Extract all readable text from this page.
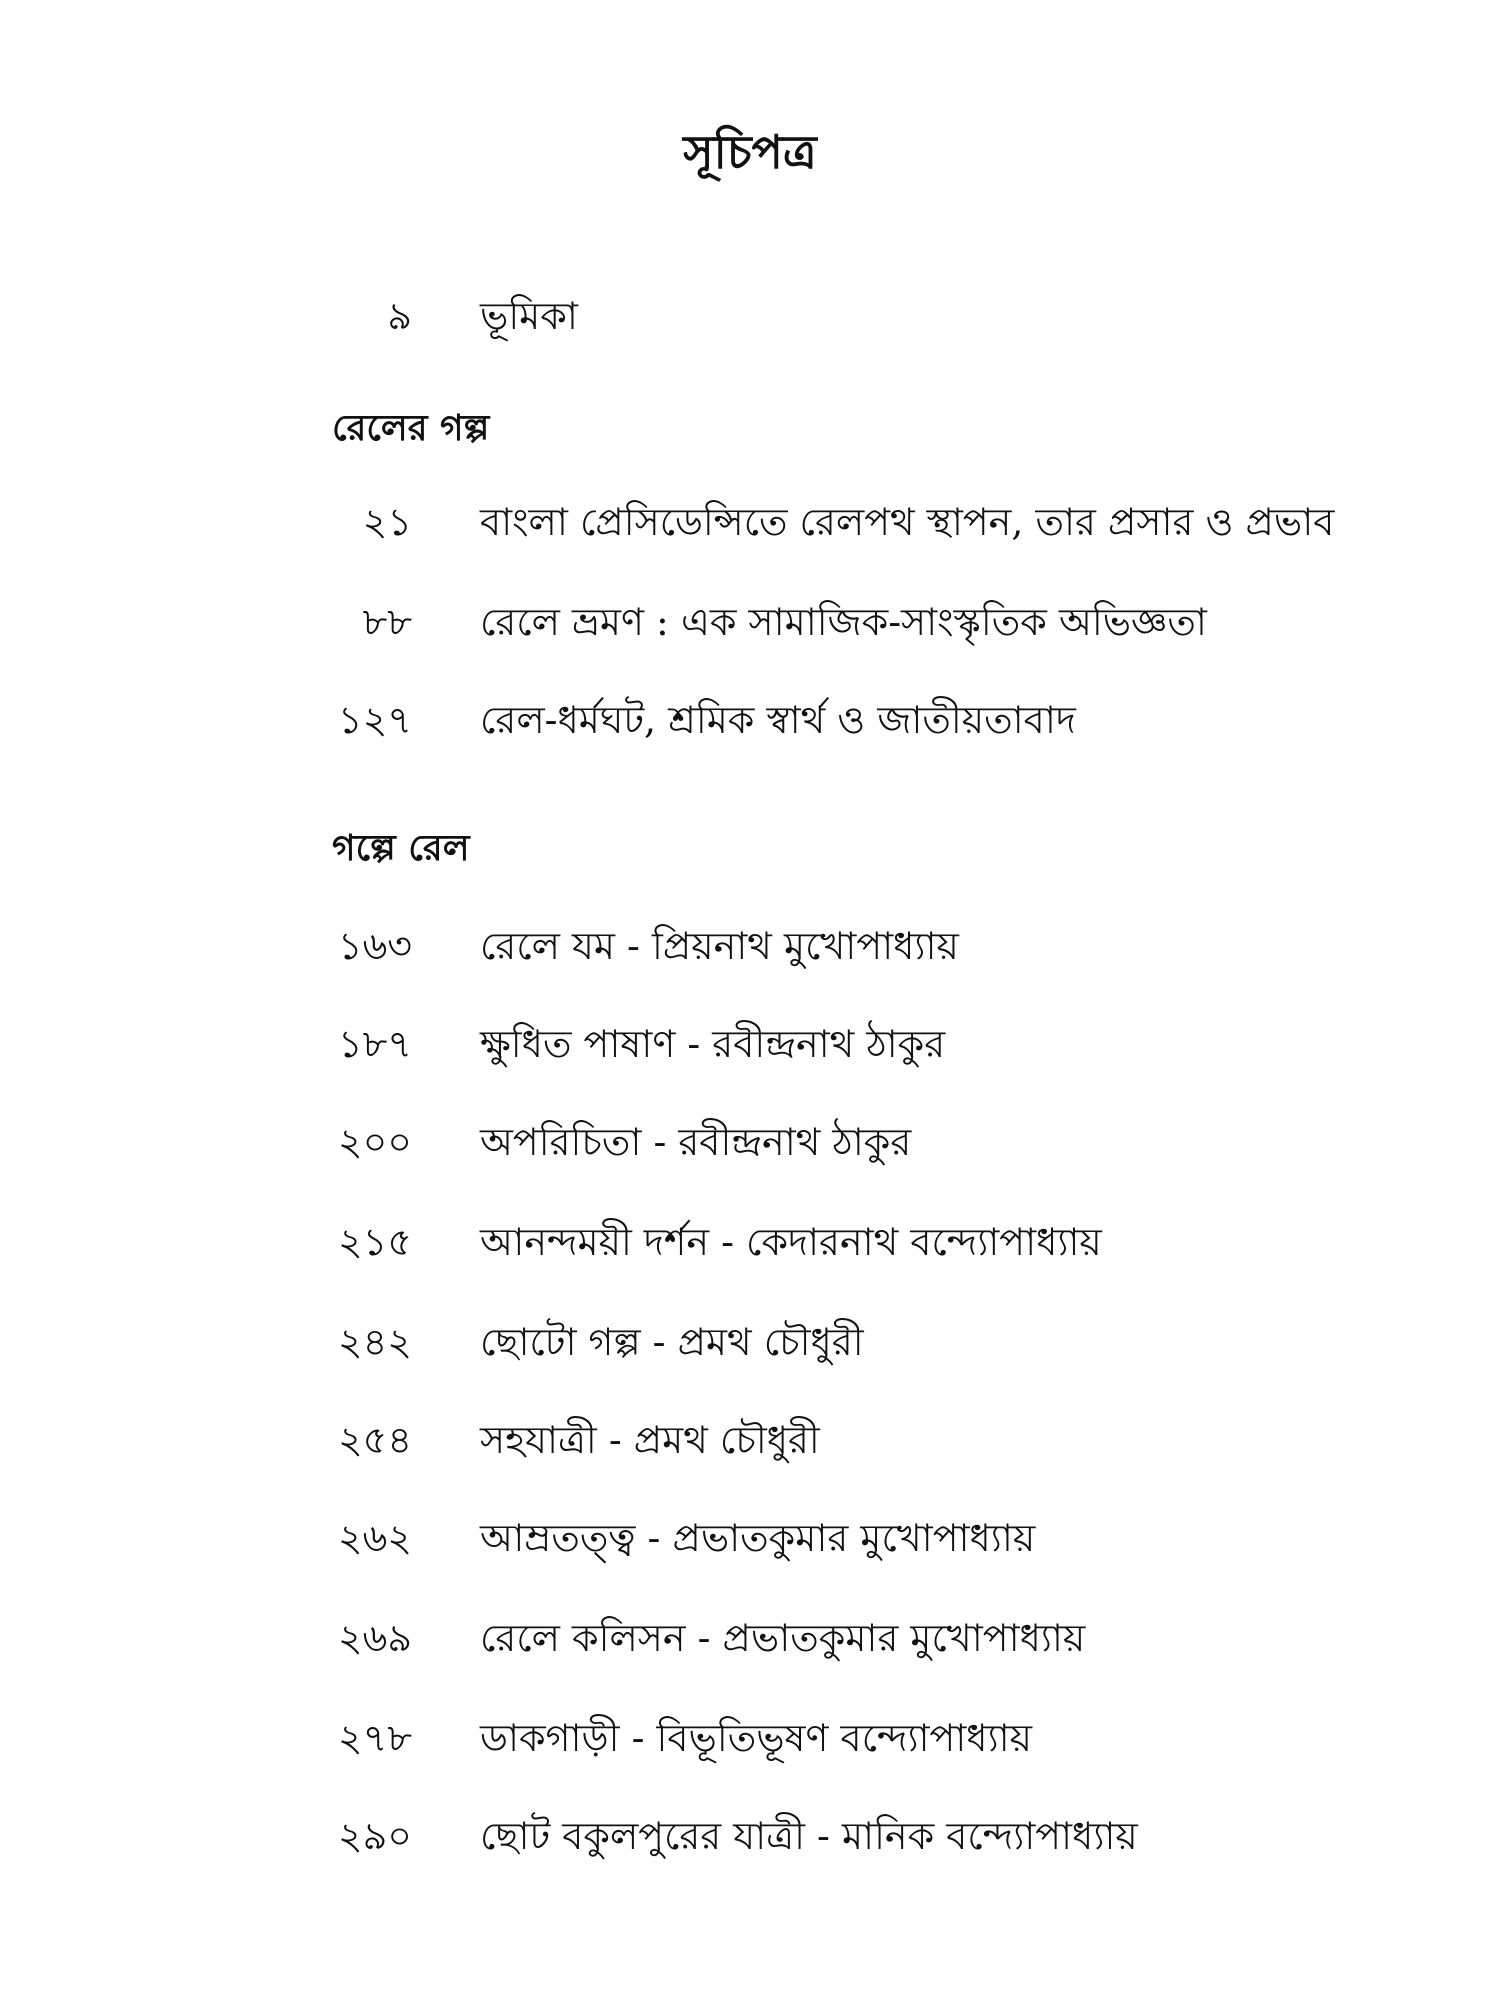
সূচিপত্র
৯ ভূমিকা
রেলের গল্প
২১ বাংলা প্রেসিডেন্সিতে রেলপথ স্থাপন, তার প্রসার ও প্রভাব
৮৮ রেলে ভ্রমণ : এক সামাজিক-সাংস্কৃতিক অভিজ্ঞতা
১২৭ রেল-ধর্মঘট, শ্রমিক স্বার্থ ও জাতীয়তাবাদ
গল্পে রেল
১৬৩ রেলে যম - প্রিয়নাথ মুখোপাধ্যায়
১৮৭ ক্ষুধিত পাষাণ - রবীন্দ্রনাথ ঠাকুর
২০০ অপরিচিতা - রবীন্দ্রনাথ ঠাকুর
২১৫ আনন্দময়ী দর্শন - কেদারনাথ বন্দ্যোপাধ্যায়
২৪২ ছোটো গল্প - প্রমথ চৌধুরী
২৫৪ সহযাত্রী - প্রমথ চৌধুরী
২৬২ আম্রতত্ত্ব - প্রভাতকুমার মুখোপাধ্যায়
২৬৯ রেলে কলিসন - প্রভাতকুমার মুখোপাধ্যায়
২৭৮ ডাকগাড়ী - বিভূতিভূষণ বন্দ্যোপাধ্যায়
২৯০ ছোট বকুলপুরের যাত্রী - মানিক বন্দ্যোপাধ্যায়
